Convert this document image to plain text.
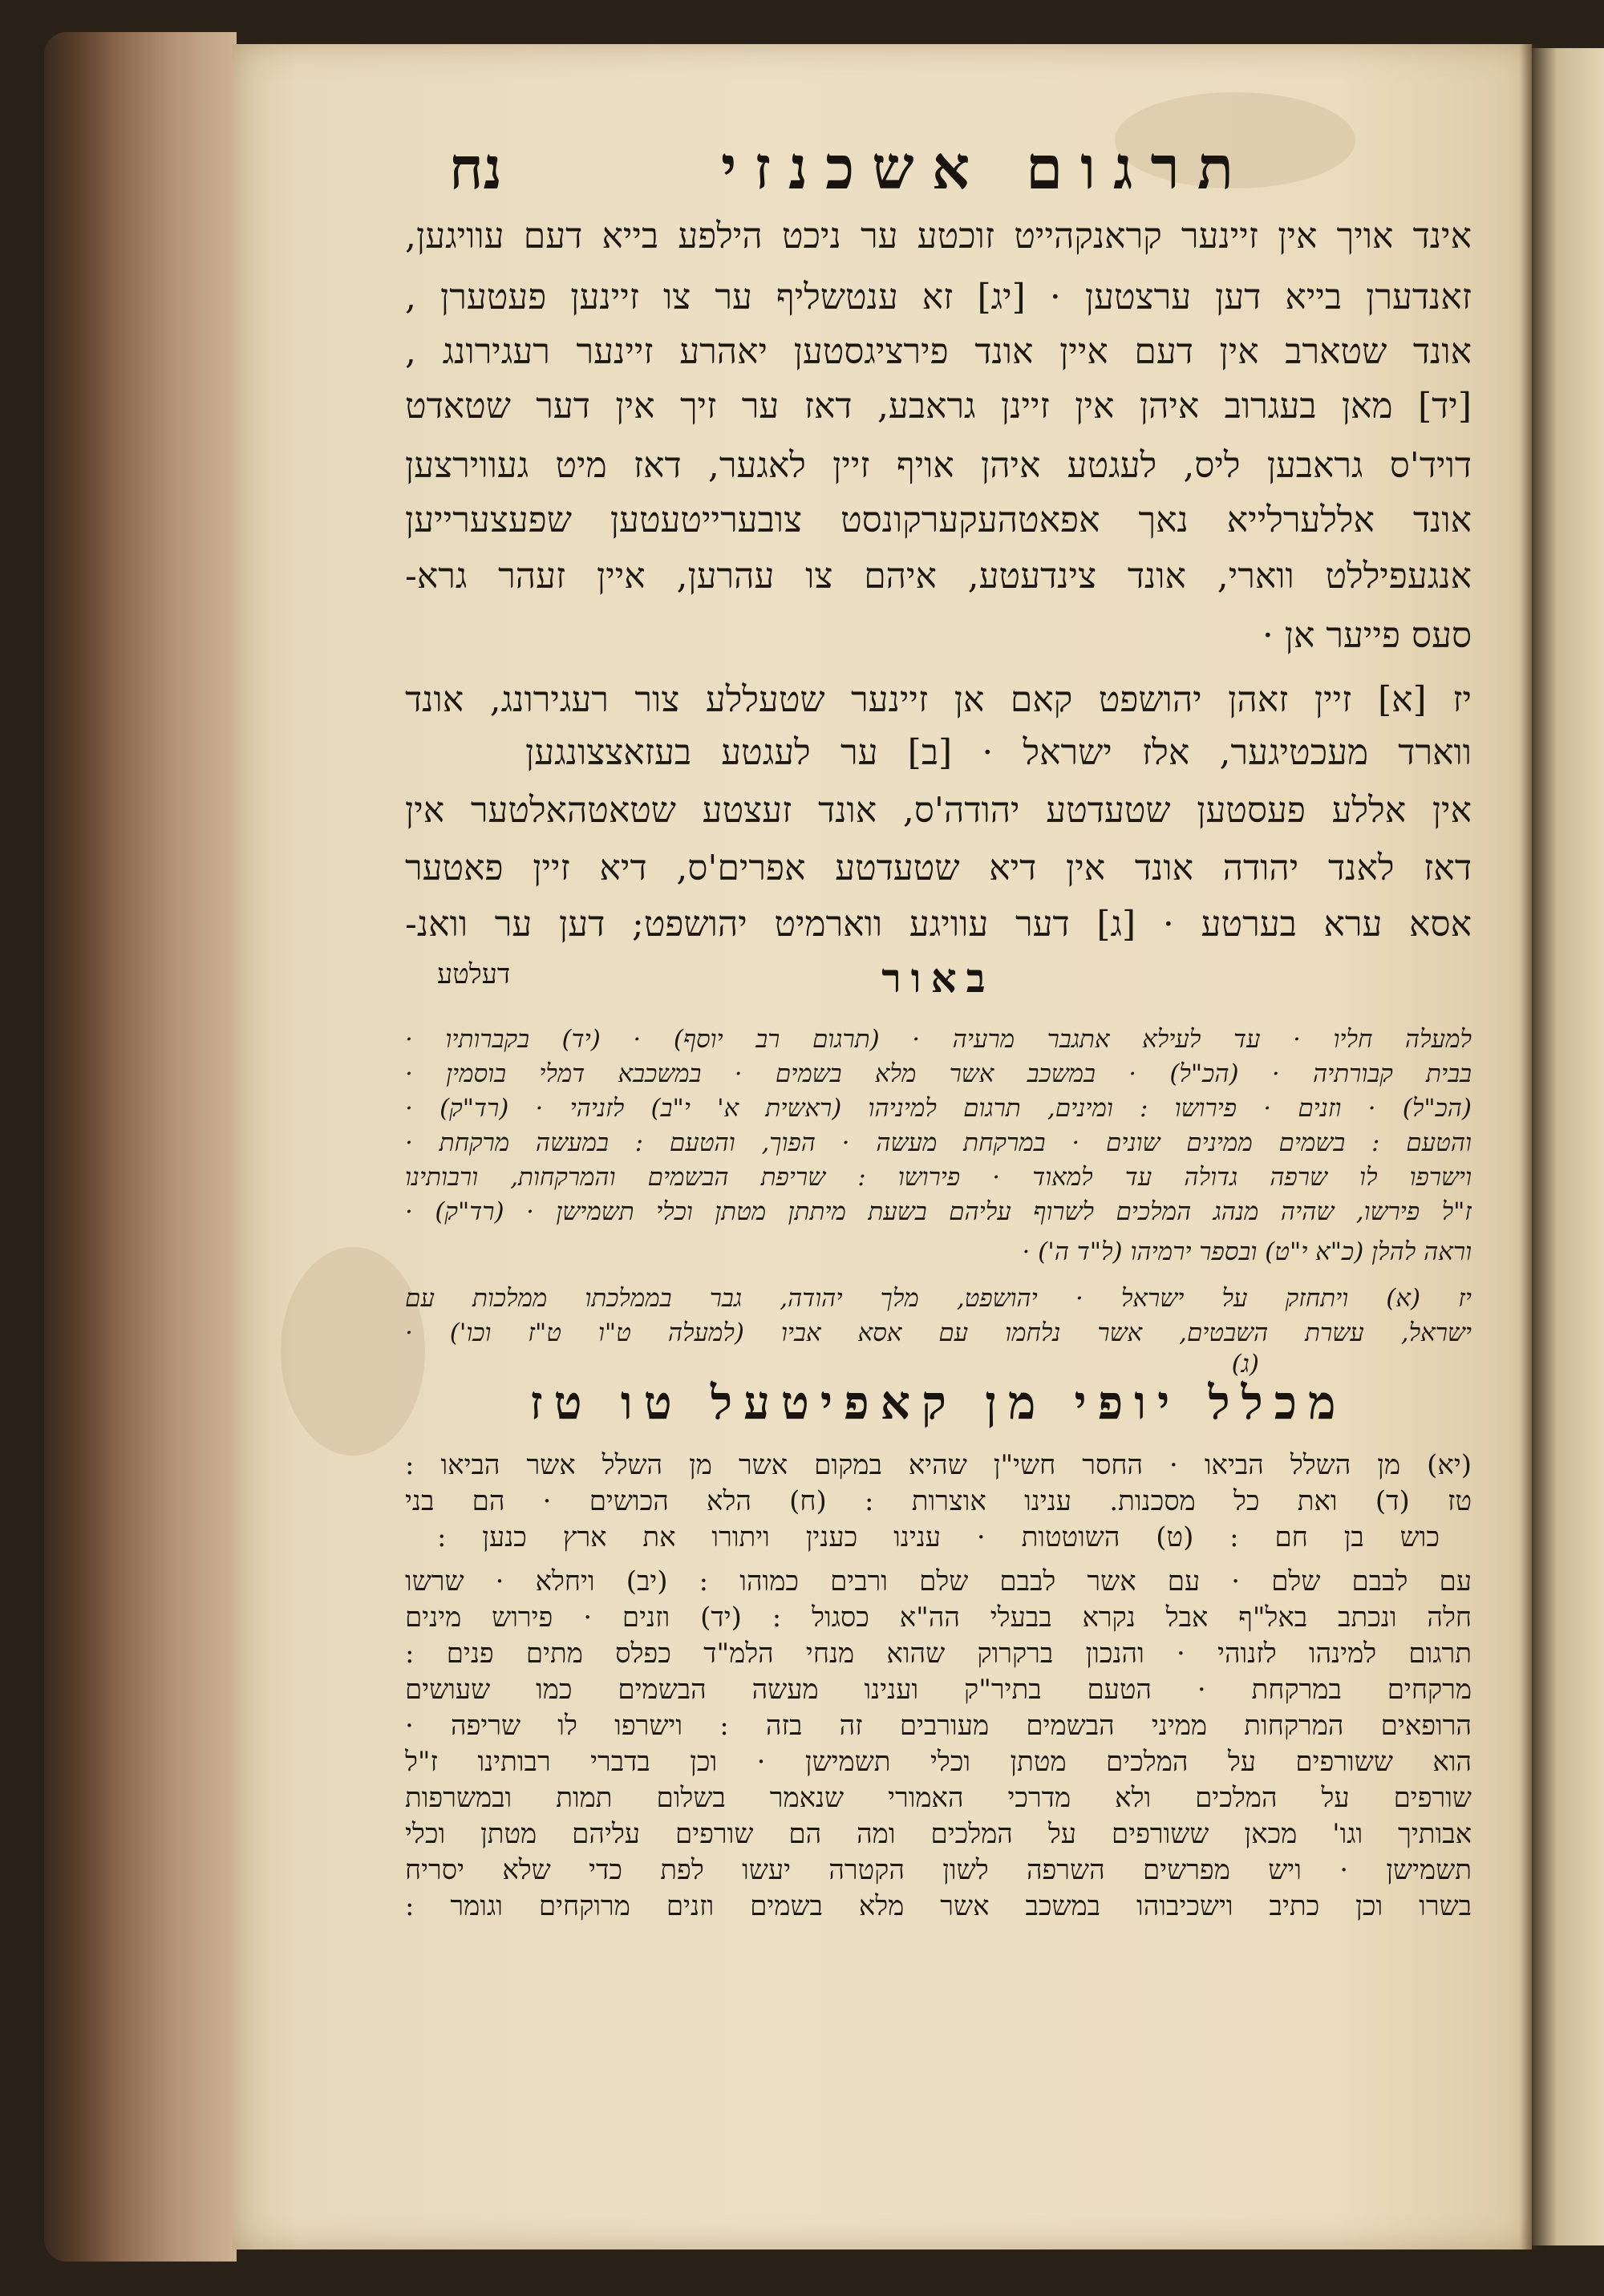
תרגום אשכנזי
נח
אינד אויך אין זיינער קראנקהייט זוכטע ער ניכט הילפע בייא דעם עוויגען,
זאנדערן בייא דען ערצטען · [יג] זא ענטשליף ער צו זיינען פעטערן ,
אונד שטארב אין דעם איין אונד פירציגסטען יאהרע זיינער רעגירונג ,
[יד] מאן בעגרוב איהן אין זיינן גראבע, דאז ער זיך אין דער שטאדט
דויד'ס גראבען ליס, לעגטע איהן אויף זיין לאגער, דאז מיט געווירצען
אונד אללערלייא נאך אפאטהעקערקונסט צובערייטעטען שפעצערייען
אנגעפיללט ווארי, אונד צינדעטע, איהם צו עהרען, איין זעהר גרא-
סעס פייער אן ·
יז [א] זיין זאהן יהושפט קאם אן זיינער שטעללע צור רעגירונג, אונד
ווארד מעכטיגער, אלז ישראל · [ב] ער לעגטע בעזאצצונגען
אין אללע פעסטען שטעדטע יהודה'ס, אונד זעצטע שטאטהאלטער אין
דאז לאנד יהודה אונד אין דיא שטעדטע אפרים'ס, דיא זיין פאטער
אסא ערא בערטע · [ג] דער עוויגע ווארמיט יהושפט; דען ער וואנ-
באור
דעלטע
למעלה חליו · עד לעילא אתגבר מרעיה · (תרגום רב יוסף) · (יד) בקברותיו ·
בבית קבורתיה · (הכ"ל) · במשכב אשר מלא בשמים · במשכבא דמלי בוסמין ·
(הכ"ל) · וזנים · פירושו : ומינים, תרגום למיניהו (ראשית א' י"ב) לזניהי · (רד"ק) ·
והטעם : בשמים ממינים שונים · במרקחת מעשה · הפוך, והטעם : במעשה מרקחת ·
וישרפו לו שרפה גדולה עד למאוד · פירושו : שריפת הבשמים והמרקחות, ורבותינו
ז"ל פירשו, שהיה מנהג המלכים לשרוף עליהם בשעת מיתתן מטתן וכלי תשמישן · (רד"ק) ·
וראה להלן (כ"א י"ט) ובספר ירמיהו (ל"ד ה') ·
יז (א) ויתחזק על ישראל · יהושפט, מלך יהודה, גבר בממלכתו ממלכות עם
ישראל, עשרת השבטים, אשר נלחמו עם אסא אביו (למעלה ט"ו ט"ז וכו') ·
(ג)
מכלל יופי מן קאפיטעל טו טז
(יא) מן השלל הביאו · החסר חשי"ן שהיא במקום אשר מן השלל אשר הביאו :
טז (ד) ואת כל מסכנות. ענינו אוצרות : (ח) הלא הכושים · הם בני
כוש בן חם : (ט) השוטטות · ענינו כענין ויתורו את ארץ כנען :
עם לבבם שלם · עם אשר לבבם שלם ורבים כמוהו : (יב) ויחלא · שרשו
חלה ונכתב באל"ף אבל נקרא בבעלי הה"א כסגול : (יד) וזנים · פירוש מינים
תרגום למינהו לזנוהי · והנכון ברקרוק שהוא מנחי הלמ"ד כפלס מתים פנים :
מרקחים במרקחת · הטעם בתיר"ק וענינו מעשה הבשמים כמו שעושים
הרופאים המרקחות ממיני הבשמים מעורבים זה בזה : וישרפו לו שריפה ·
הוא ששורפים על המלכים מטתן וכלי תשמישן · וכן בדברי רבותינו ז"ל
שורפים על המלכים ולא מדרכי האמורי שנאמר בשלום תמות ובמשרפות
אבותיך וגו' מכאן ששורפים על המלכים ומה הם שורפים עליהם מטתן וכלי
תשמישן · ויש מפרשים השרפה לשון הקטרה יעשו לפת כדי שלא יסריח
בשרו וכן כתיב וישכיבוהו במשכב אשר מלא בשמים וזנים מרוקחים וגומר :
